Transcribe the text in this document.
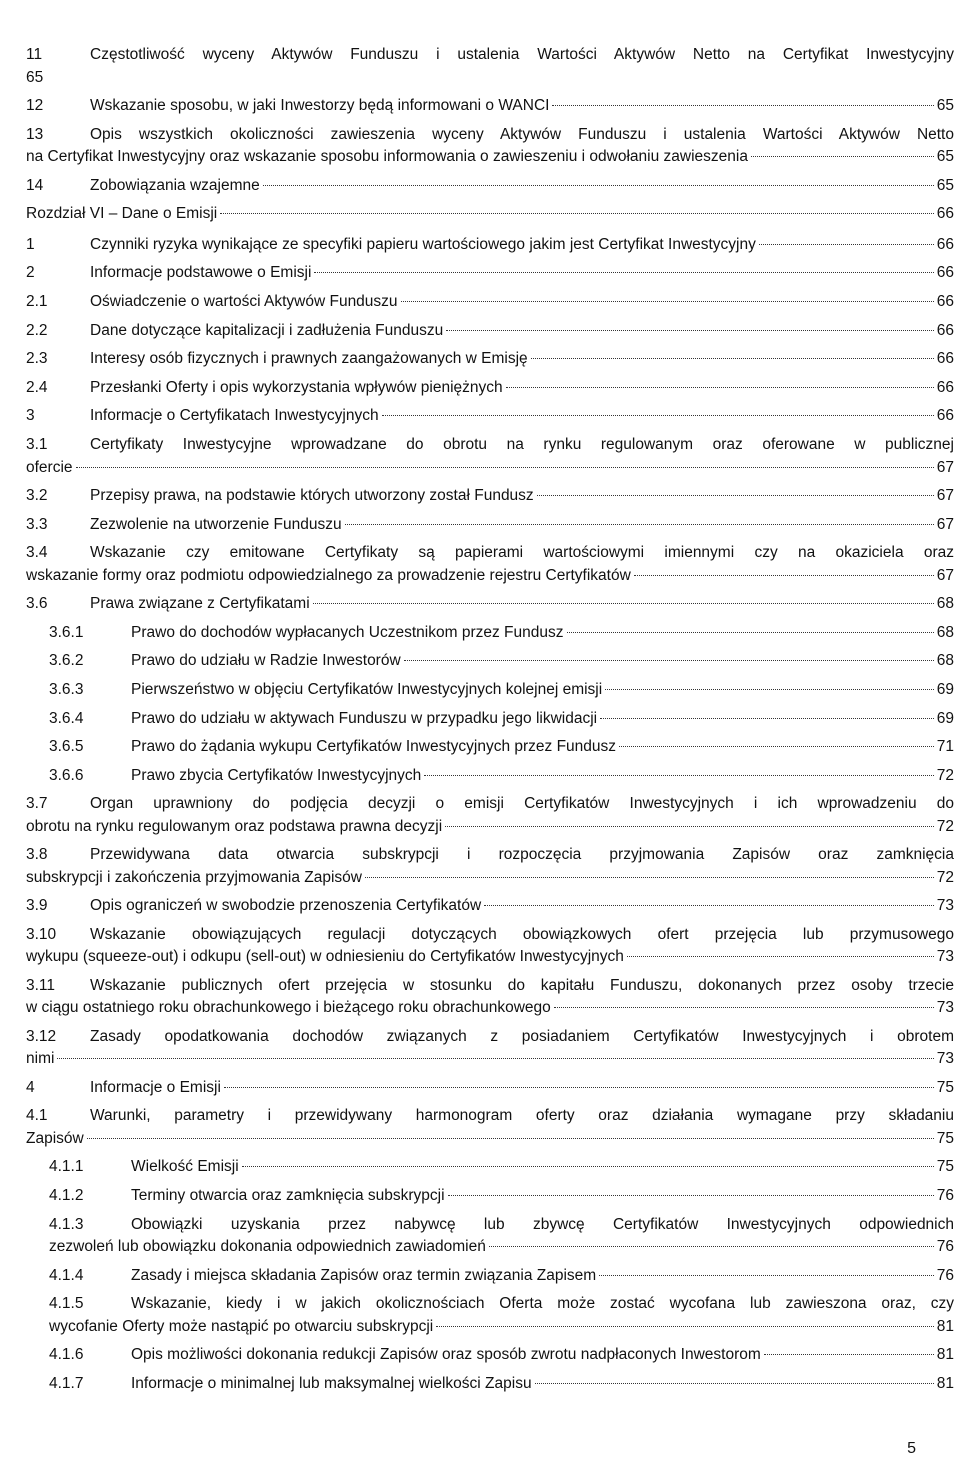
11	Częstotliwość wyceny Aktywów Funduszu i ustalenia Wartości Aktywów Netto na Certyfikat Inwestycyjny
65
12	Wskazanie sposobu, w jaki Inwestorzy będą informowani o WANCI	65
13	Opis wszystkich okoliczności zawieszenia wyceny Aktywów Funduszu i ustalenia Wartości Aktywów Netto
na Certyfikat Inwestycyjny oraz wskazanie sposobu informowania o zawieszeniu i odwołaniu zawieszenia	65
14	Zobowiązania wzajemne	65
Rozdział VI – Dane o Emisji	66
1	Czynniki ryzyka wynikające ze specyfiki papieru wartościowego jakim jest Certyfikat Inwestycyjny	66
2	Informacje podstawowe o Emisji	66
2.1	Oświadczenie o wartości Aktywów Funduszu	66
2.2	Dane dotyczące kapitalizacji i zadłużenia Funduszu	66
2.3	Interesy osób fizycznych i prawnych zaangażowanych w Emisję	66
2.4	Przesłanki Oferty i opis wykorzystania wpływów pieniężnych	66
3	Informacje o Certyfikatach Inwestycyjnych	66
3.1	Certyfikaty Inwestycyjne wprowadzane do obrotu na rynku regulowanym oraz oferowane w publicznej
ofercie	67
3.2	Przepisy prawa, na podstawie których utworzony został Fundusz	67
3.3	Zezwolenie na utworzenie Funduszu	67
3.4	Wskazanie czy emitowane Certyfikaty są papierami wartościowymi imiennymi czy na okaziciela oraz
wskazanie formy oraz podmiotu odpowiedzialnego za prowadzenie rejestru Certyfikatów	67
3.6	Prawa związane z Certyfikatami	68
3.6.1	Prawo do dochodów wypłacanych Uczestnikom przez Fundusz	68
3.6.2	Prawo do udziału w Radzie Inwestorów	68
3.6.3	Pierwszeństwo w objęciu Certyfikatów Inwestycyjnych kolejnej emisji	69
3.6.4	Prawo do udziału w aktywach Funduszu w przypadku jego likwidacji	69
3.6.5	Prawo do żądania wykupu Certyfikatów Inwestycyjnych przez Fundusz	71
3.6.6	Prawo zbycia Certyfikatów Inwestycyjnych	72
3.7	Organ uprawniony do podjęcia decyzji o emisji Certyfikatów Inwestycyjnych i ich wprowadzeniu do
obrotu na rynku regulowanym oraz podstawa prawna decyzji	72
3.8	Przewidywana data otwarcia subskrypcji i rozpoczęcia przyjmowania Zapisów oraz zamknięcia
subskrypcji i zakończenia przyjmowania Zapisów	72
3.9	Opis ograniczeń w swobodzie przenoszenia Certyfikatów	73
3.10	Wskazanie obowiązujących regulacji dotyczących obowiązkowych ofert przejęcia lub przymusowego
wykupu (squeeze-out) i odkupu (sell-out) w odniesieniu do Certyfikatów Inwestycyjnych	73
3.11	Wskazanie publicznych ofert przejęcia w stosunku do kapitału Funduszu, dokonanych przez osoby trzecie
w ciągu ostatniego roku obrachunkowego i bieżącego roku obrachunkowego	73
3.12	Zasady opodatkowania dochodów związanych z posiadaniem Certyfikatów Inwestycyjnych i obrotem
nimi	73
4	Informacje o Emisji	75
4.1	Warunki, parametry i przewidywany harmonogram oferty oraz działania wymagane przy składaniu
Zapisów	75
4.1.1	Wielkość Emisji	75
4.1.2	Terminy otwarcia oraz zamknięcia subskrypcji	76
4.1.3	Obowiązki uzyskania przez nabywcę lub zbywcę Certyfikatów Inwestycyjnych odpowiednich
zezwoleń lub obowiązku dokonania odpowiednich zawiadomień	76
4.1.4	Zasady i miejsca składania Zapisów oraz termin związania Zapisem	76
4.1.5	Wskazanie, kiedy i w jakich okolicznościach Oferta może zostać wycofana lub zawieszona oraz, czy
wycofanie Oferty może nastąpić po otwarciu subskrypcji	81
4.1.6	Opis możliwości dokonania redukcji Zapisów oraz sposób zwrotu nadpłaconych Inwestorom	81
4.1.7	Informacje o minimalnej lub maksymalnej wielkości Zapisu	81
5
